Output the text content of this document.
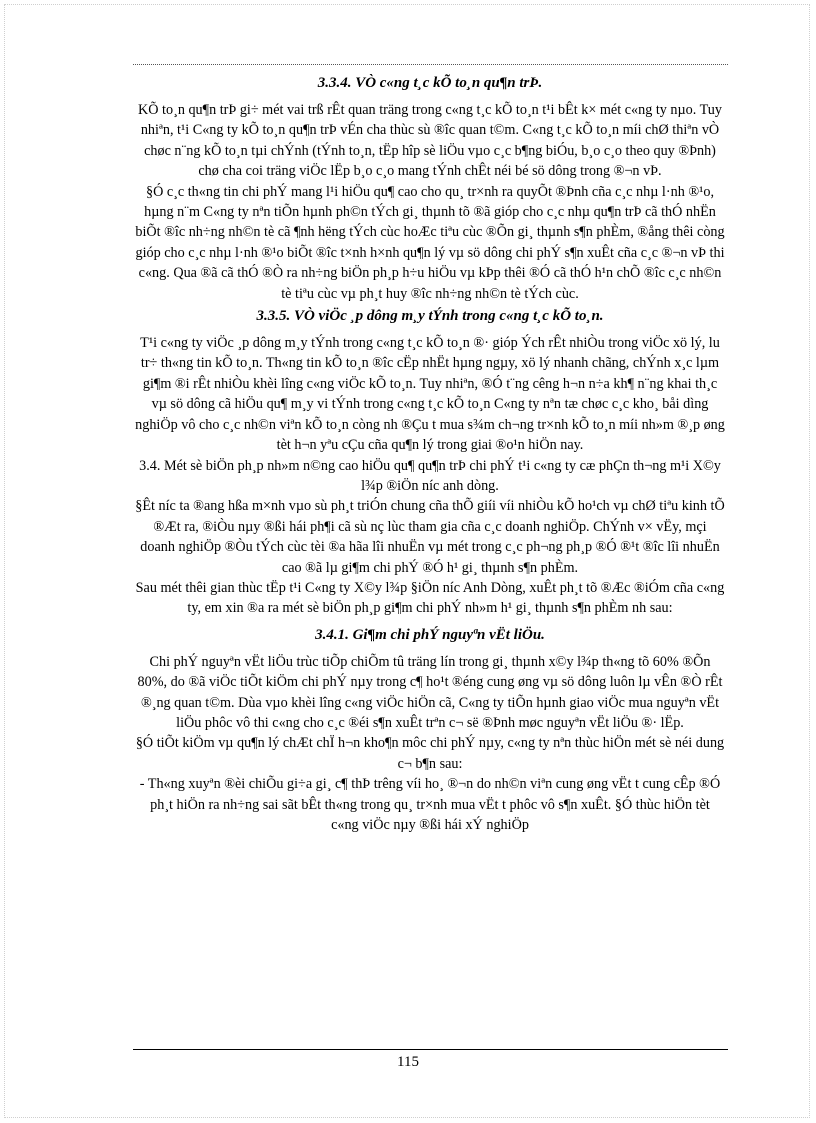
3.3.4. VÒ c«ng t¸c kÕ to¸n qu¶n trÞ.

KÕ to¸n qu¶n trÞ gi÷ mét vai trß rÊt quan träng trong c«ng t¸c kÕ to¸n t¹i bÊt k× mét c«ng ty nµo. Tuy nhiªn, t¹i C«ng ty kÕ to¸n qu¶n trÞ vÉn cha thùc sù ®îc quan t©m. C«ng t¸c kÕ to¸n míi chØ thiªn vÒ chøc n¨ng kÕ to¸n tµi chÝnh (tÝnh to¸n, tËp hîp sè liÖu vµo c¸c b¶ng biÓu, b¸o c¸o theo quy ®Þnh) chø cha coi träng viÖc lËp b¸o c¸o mang tÝnh chÊt néi bé sö dông trong ®¬n vÞ.

§Ó c¸c th«ng tin chi phÝ mang l¹i hiÖu qu¶ cao cho qu¸ tr×nh ra quyÕt ®Þnh cña c¸c nhµ l·nh ®¹o, hµng n¨m C«ng ty nªn tiÕn hµnh ph©n tÝch gi¸ thµnh tõ ®ã gióp cho c¸c nhµ qu¶n trÞ cã thÓ nhËn biÕt ®îc nh÷ng nh©n tè cã ¶nh hëng tÝch cùc hoÆc tiªu cùc ®Õn gi¸ thµnh s¶n phÈm, ®ång thêi còng gióp cho c¸c nhµ l·nh ®¹o biÕt ®îc t×nh h×nh qu¶n lý vµ sö dông chi phÝ s¶n xuÊt cña c¸c ®¬n vÞ thi c«ng. Qua ®ã cã thÓ ®Ò ra nh÷ng biÖn ph¸p h÷u hiÖu vµ kÞp thêi ®Ó cã thÓ h¹n chÕ ®îc c¸c nh©n tè tiªu cùc vµ ph¸t huy ®îc nh÷ng nh©n tè tÝch cùc.

3.3.5. VÒ viÖc ¸p dông m¸y tÝnh trong c«ng t¸c kÕ to¸n.

T¹i c«ng ty viÖc ¸p dông m¸y tÝnh trong c«ng t¸c kÕ to¸n ®· gióp Ých rÊt nhiÒu trong viÖc xö lý, lu tr÷ th«ng tin kÕ to¸n. Th«ng tin kÕ to¸n ®îc cËp nhËt hµng ngµy, xö lý nhanh chãng, chÝnh x¸c lµm gi¶m ®i rÊt nhiÒu khèi lîng c«ng viÖc kÕ to¸n. Tuy nhiªn, ®Ó t¨ng cêng h¬n n÷a kh¶ n¨ng khai th¸c vµ sö dông cã hiÖu qu¶ m¸y vi tÝnh trong c«ng t¸c kÕ to¸n C«ng ty nªn tæ chøc c¸c kho¸ båi dìng nghiÖp vô cho c¸c nh©n viªn kÕ to¸n còng nh ®Çu t mua s¾m ch¬ng tr×nh kÕ to¸n míi nh»m ®¸p øng tèt h¬n yªu cÇu cña qu¶n lý trong giai ®o¹n hiÖn nay.

3.4. Mét sè biÖn ph¸p nh»m n©ng cao hiÖu qu¶ qu¶n trÞ chi phÝ t¹i c«ng ty cæ phÇn th¬ng m¹i X©y l¾p ®iÖn níc anh dòng.

§Êt níc ta ®ang hßa m×nh vµo sù ph¸t triÓn chung cña thÕ giíi víi nhiÒu kÕ ho¹ch vµ chØ tiªu kinh tÕ ®Æt ra, ®iÒu nµy ®ßi hái ph¶i cã sù nç lùc tham gia cña c¸c doanh nghiÖp. ChÝnh v× vËy, mçi doanh nghiÖp ®Òu tÝch cùc tèi ®a hãa lîi nhuËn vµ mét trong c¸c ph¬ng ph¸p ®Ó ®¹t ®îc lîi nhuËn cao ®ã lµ gi¶m chi phÝ ®Ó h¹ gi¸ thµnh s¶n phÈm.

Sau mét thêi gian thùc tËp t¹i C«ng ty X©y l¾p §iÖn níc Anh Dòng, xuÊt ph¸t tõ ®Æc ®iÓm cña c«ng ty, em xin ®a ra mét sè biÖn ph¸p gi¶m chi phÝ nh»m h¹ gi¸ thµnh s¶n phÈm nh sau:

3.4.1. Gi¶m chi phÝ nguyªn vËt liÖu.

Chi phÝ nguyªn vËt liÖu trùc tiÕp chiÕm tû träng lín trong gi¸ thµnh x©y l¾p th«ng tõ 60% ®Õn 80%, do ®ã viÖc tiÕt kiÖm chi phÝ nµy trong c¶ ho¹t ®éng cung øng vµ sö dông luôn lµ vÊn ®Ò rÊt ®¸ng quan t©m. Dùa vµo khèi lîng c«ng viÖc hiÖn cã, C«ng ty tiÕn hµnh giao viÖc mua nguyªn vËt liÖu phôc vô thi c«ng cho c¸c ®éi s¶n xuÊt trªn c¬ së ®Þnh møc nguyªn vËt liÖu ®· lËp.

§Ó tiÕt kiÖm vµ qu¶n lý chÆt chÏ h¬n kho¶n môc chi phÝ nµy, c«ng ty nªn thùc hiÖn mét sè néi dung c¬ b¶n sau:

- Th«ng xuyªn ®èi chiÕu gi÷a gi¸ c¶ thÞ trêng víi ho¸ ®¬n do nh©n viªn cung øng vËt t cung cÊp ®Ó ph¸t hiÖn ra nh÷ng sai sãt bÊt th«ng trong qu¸ tr×nh mua vËt t phôc vô s¶n xuÊt. §Ó thùc hiÖn tèt c«ng viÖc nµy ®ßi hái xÝ nghiÖp

115
